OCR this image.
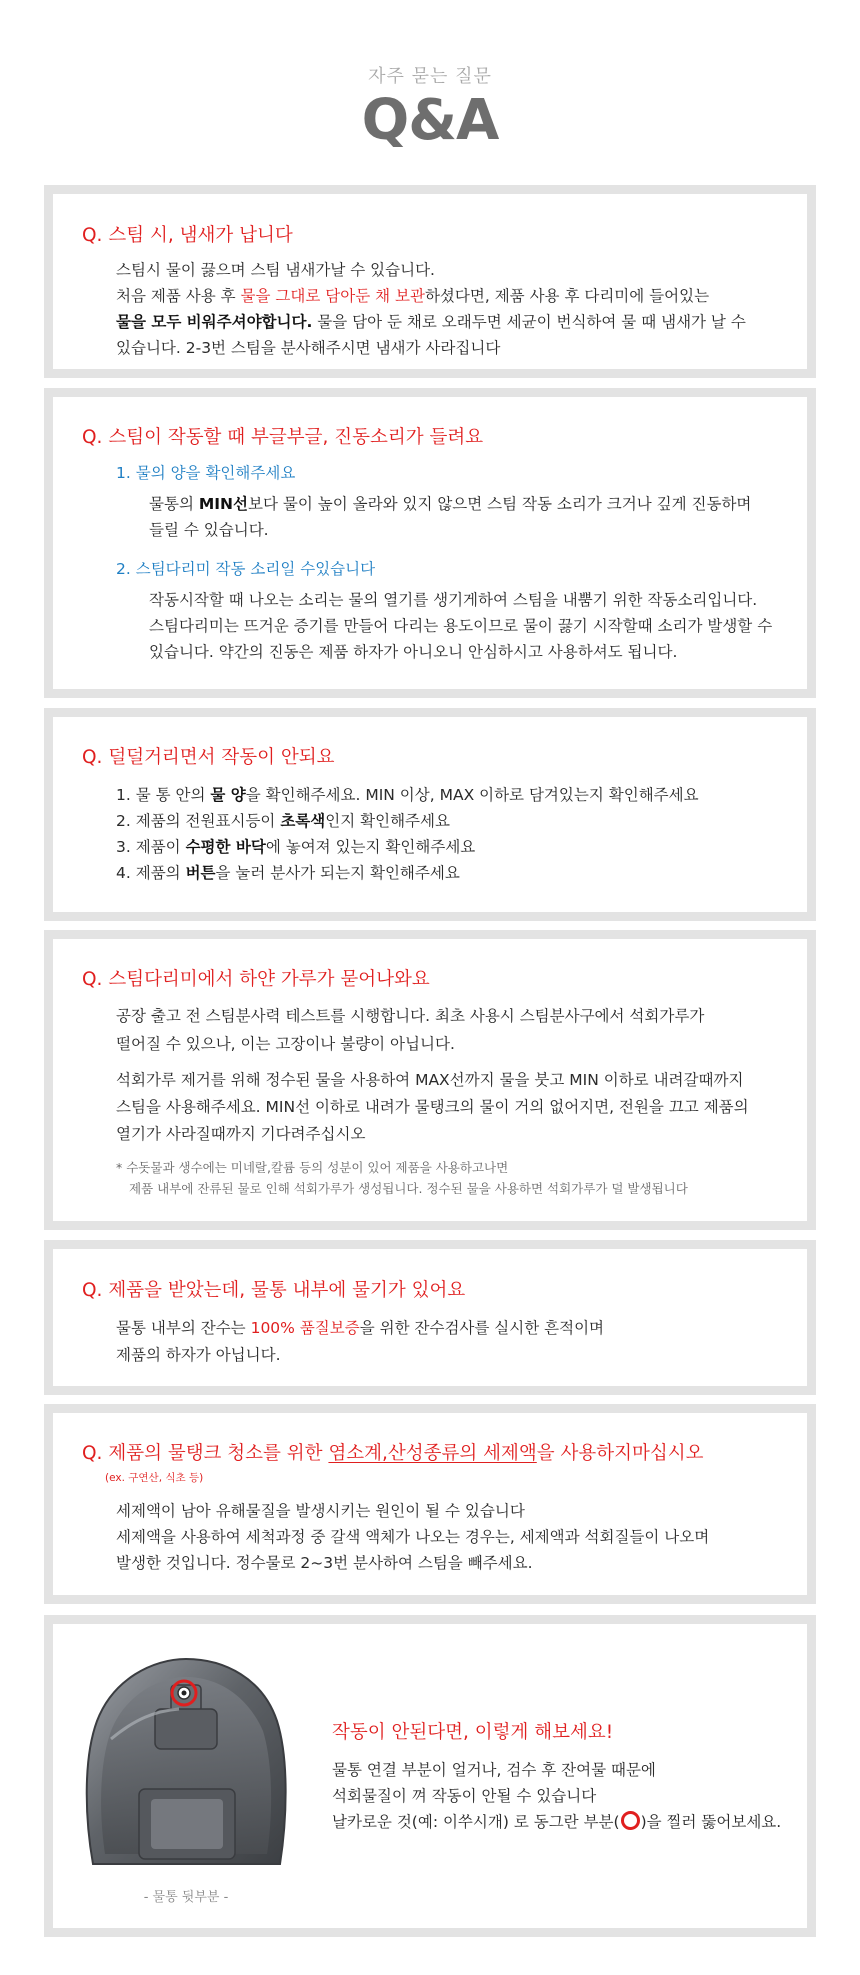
자주 묻는 질문
Q&A
Q. 스팀 시, 냄새가 납니다
스팀시 물이 끓으며 스팀 냄새가날 수 있습니다.
처음 제품 사용 후 물을 그대로 담아둔 채 보관하셨다면, 제품 사용 후 다리미에 들어있는
물을 모두 비워주셔야합니다. 물을 담아 둔 채로 오래두면 세균이 번식하여 물 때 냄새가 날 수
있습니다. 2-3번 스팀을 분사해주시면 냄새가 사라집니다
Q. 스팀이 작동할 때 부글부글, 진동소리가 들려요
1. 물의 양을 확인해주세요
물통의 MIN선보다 물이 높이 올라와 있지 않으면 스팀 작동 소리가 크거나 깊게 진동하며
들릴 수 있습니다.
2. 스팀다리미 작동 소리일 수있습니다
작동시작할 때 나오는 소리는 물의 열기를 생기게하여 스팀을 내뿜기 위한 작동소리입니다.
스팀다리미는 뜨거운 증기를 만들어 다리는 용도이므로 물이 끓기 시작할때 소리가 발생할 수
있습니다. 약간의 진동은 제품 하자가 아니오니 안심하시고 사용하셔도 됩니다.
Q. 덜덜거리면서 작동이 안되요
1. 물 통 안의 물 양을 확인해주세요. MIN 이상, MAX 이하로 담겨있는지 확인해주세요
2. 제품의 전원표시등이 초록색인지 확인해주세요
3. 제품이 수평한 바닥에 놓여져 있는지 확인해주세요
4. 제품의 버튼을 눌러 분사가 되는지 확인해주세요
Q. 스팀다리미에서 하얀 가루가 묻어나와요
공장 출고 전 스팀분사력 테스트를 시행합니다. 최초 사용시 스팀분사구에서 석회가루가
떨어질 수 있으나, 이는 고장이나 불량이 아닙니다.
석회가루 제거를 위해 정수된 물을 사용하여 MAX선까지 물을 붓고 MIN 이하로 내려갈때까지
스팀을 사용해주세요. MIN선 이하로 내려가 물탱크의 물이 거의 없어지면, 전원을 끄고 제품의
열기가 사라질때까지 기다려주십시오
* 수돗물과 생수에는 미네랄,칼륨 등의 성분이 있어 제품을 사용하고나면
제품 내부에 잔류된 물로 인해 석회가루가 생성됩니다. 정수된 물을 사용하면 석회가루가 덜 발생됩니다
Q. 제품을 받았는데, 물통 내부에 물기가 있어요
물통 내부의 잔수는 100% 품질보증을 위한 잔수검사를 실시한 흔적이며
제품의 하자가 아닙니다.
Q. 제품의 물탱크 청소를 위한 염소계,산성종류의 세제액을 사용하지마십시오
(ex. 구연산, 식초 등)
세제액이 남아 유해물질을 발생시키는 원인이 될 수 있습니다
세제액을 사용하여 세척과정 중 갈색 액체가 나오는 경우는, 세제액과 석회질들이 나오며
발생한 것입니다. 정수물로 2~3번 분사하여 스팀을 빼주세요.
- 물통 뒷부분 -
작동이 안된다면, 이렇게 해보세요!
물통 연결 부분이 얼거나, 검수 후 잔여물 때문에
석회물질이 껴 작동이 안될 수 있습니다
날카로운 것(예: 이쑤시개) 로 동그란 부분( )을 찔러 뚫어보세요.
